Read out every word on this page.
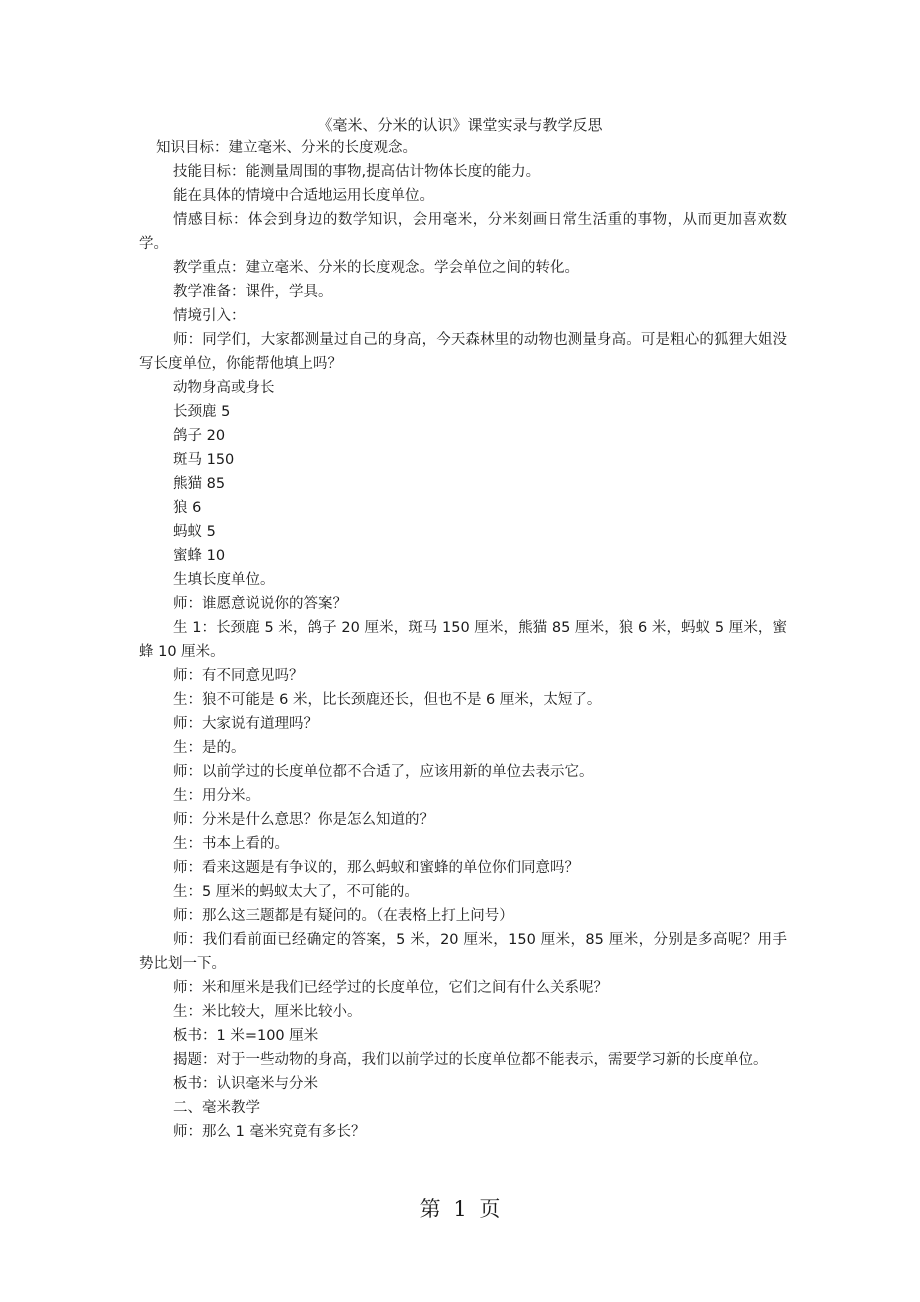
《毫米、分米的认识》课堂实录与教学反思

知识目标：建立毫米、分米的长度观念。

技能目标：能测量周围的事物,提高估计物体长度的能力。

能在具体的情境中合适地运用长度单位。

情感目标：体会到身边的数学知识，会用毫米，分米刻画日常生活重的事物，从而更加喜欢数学。

教学重点：建立毫米、分米的长度观念。学会单位之间的转化。

教学准备：课件，学具。

情境引入：

师：同学们，大家都测量过自己的身高，今天森林里的动物也测量身高。可是粗心的狐狸大姐没写长度单位，你能帮他填上吗？

动物身高或身长

长颈鹿 5

鸽子 20

斑马 150

熊猫 85

狼 6

蚂蚁 5

蜜蜂 10

生填长度单位。

师：谁愿意说说你的答案？

生 1：长颈鹿 5 米，鸽子 20 厘米，斑马 150 厘米，熊猫 85 厘米，狼 6 米，蚂蚁 5 厘米，蜜蜂 10 厘米。

师：有不同意见吗？

生：狼不可能是 6 米，比长颈鹿还长，但也不是 6 厘米，太短了。

师：大家说有道理吗？

生：是的。

师：以前学过的长度单位都不合适了，应该用新的单位去表示它。

生：用分米。

师：分米是什么意思？你是怎么知道的？

生：书本上看的。

师：看来这题是有争议的，那么蚂蚁和蜜蜂的单位你们同意吗？

生：5 厘米的蚂蚁太大了，不可能的。

师：那么这三题都是有疑问的。（在表格上打上问号）

师：我们看前面已经确定的答案，5 米，20 厘米，150 厘米，85 厘米，分别是多高呢？用手势比划一下。

师：米和厘米是我们已经学过的长度单位，它们之间有什么关系呢？

生：米比较大，厘米比较小。

板书：1 米=100 厘米

揭题：对于一些动物的身高，我们以前学过的长度单位都不能表示，需要学习新的长度单位。

板书：认识毫米与分米

二、毫米教学

师：那么 1 毫米究竟有多长？

第 1 页
